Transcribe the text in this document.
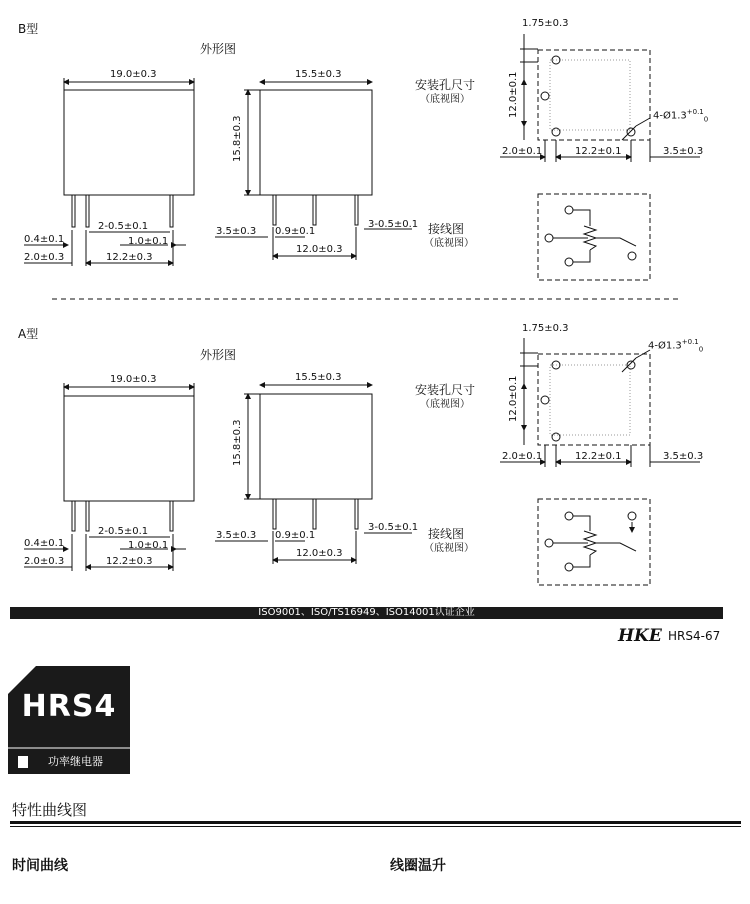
B型
外形图
19.0±0.3	15.5±0.3
15.8±0.3
0.4±0.1
2.0±0.3
2-0.5±0.1
1.0±0.1
12.2±0.3
3.5±0.3 0.9±0.1
3-0.5±0.1
12.0±0.3
安装孔尺寸
（底视图）
1.75±0.3
12.0±0.1	$4-Ø1.3^{+0.1}_0$
2.0±0.1	12.2±0.1	3.5±0.3
接线图
（底视图）
A型
外形图
19.0±0.3	15.5±0.3
15.8±0.3
0.4±0.1
2.0±0.3
2-0.5±0.1
1.0±0.1
12.2±0.3
3.5±0.3 0.9±0.1
3-0.5±0.1
12.0±0.3
安装孔尺寸
（底视图）
1.75±0.3
12.0±0.1
$4-Ø1.3^{+0.1}_0$
2.0±0.1	12.2±0.1	3.5±0.3
接线图
（底视图）
ISO9001、ISO/TS16949、ISO14001认证企业
HKE HRS4-67
HRS4
功率继电器
特性曲线图
时间曲线	线圈温升
